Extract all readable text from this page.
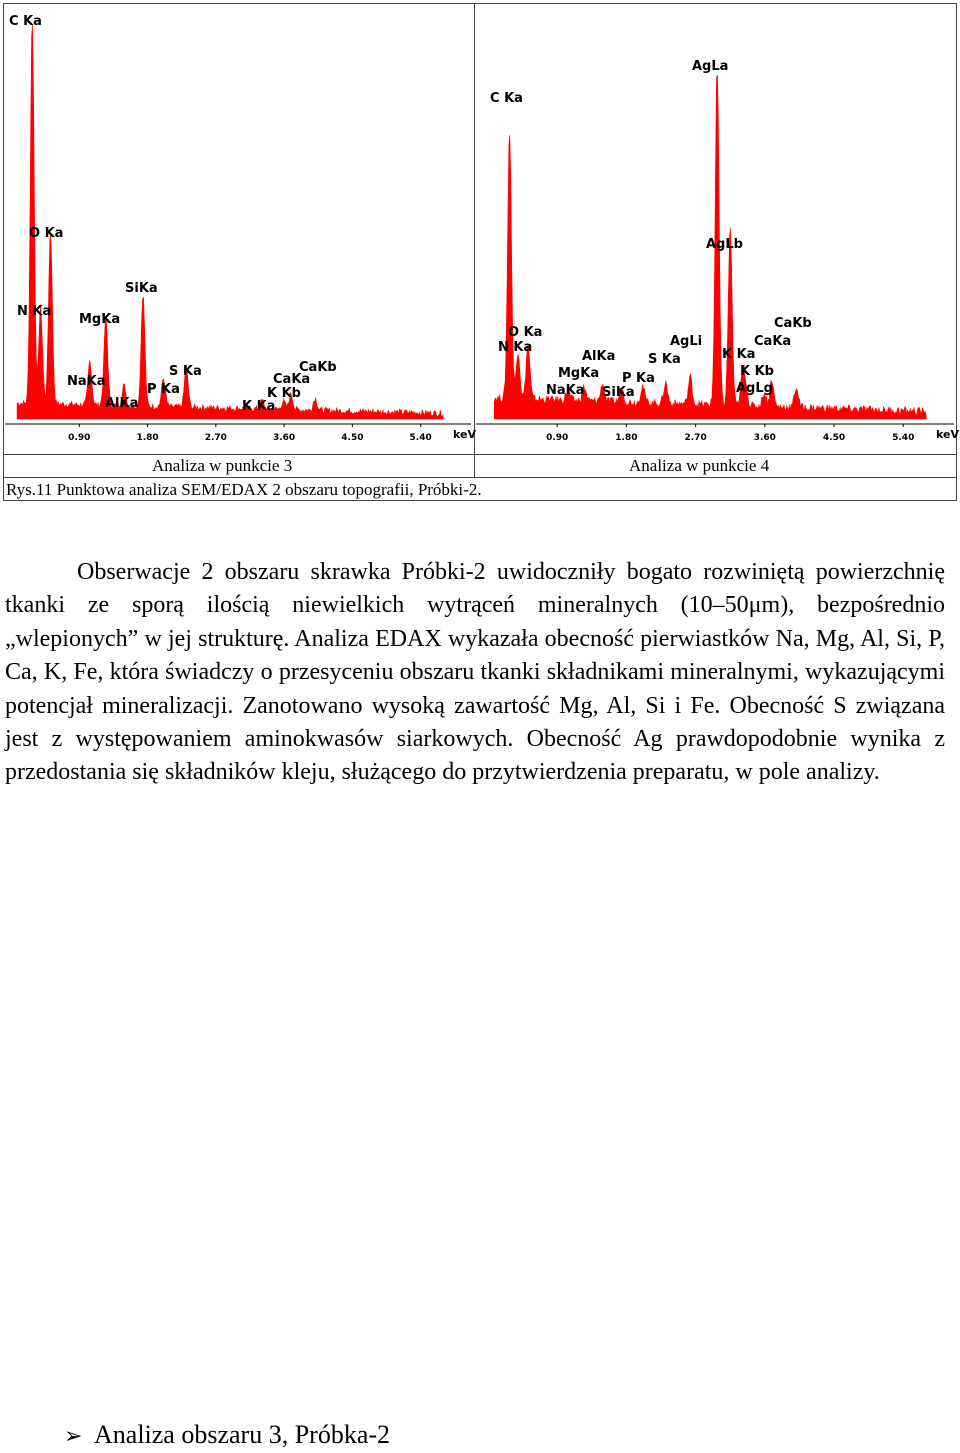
0.90	1.80	2.70	3.60	4.50	5.40 keV
C Ka
N Ka
O Ka
NaKa
MgKa
AlKa
SiKa
P Ka
S Ka
K Ka
K Kb
CaKa
CaKb
0.90	1.80	2.70	3.60	4.50	5.40 keV
C Ka
N Ka
O Ka
NaKa
MgKa
AlKa
SiKa
P Ka
S Ka
AgLi
AgLa
AgLb
K Ka
AgLg
K Kb
CaKa
CaKb
Analiza w punkcie 3	Analiza w punkcie 4
Rys.11 Punktowa analiza SEM/EDAX 2 obszaru topografii, Próbki-2.

Obserwacje 2 obszaru skrawka Próbki-2 uwidoczniły bogato rozwiniętą powierzchnię tkanki ze sporą ilością niewielkich wytrąceń mineralnych (10–50μm), bezpośrednio „wlepionych” w jej strukturę. Analiza EDAX wykazała obecność pierwiastków Na, Mg, Al, Si, P, Ca, K, Fe, która świadczy o przesyceniu obszaru tkanki składnikami mineralnymi, wykazującymi potencjał mineralizacji. Zanotowano wysoką zawartość Mg, Al, Si i Fe. Obecność S związana jest z występowaniem aminokwasów siarkowych. Obecność Ag prawdopodobnie wynika z przedostania się składników kleju, służącego do przytwierdzenia preparatu, w pole analizy.

➢ Analiza obszaru 3, Próbka-2
